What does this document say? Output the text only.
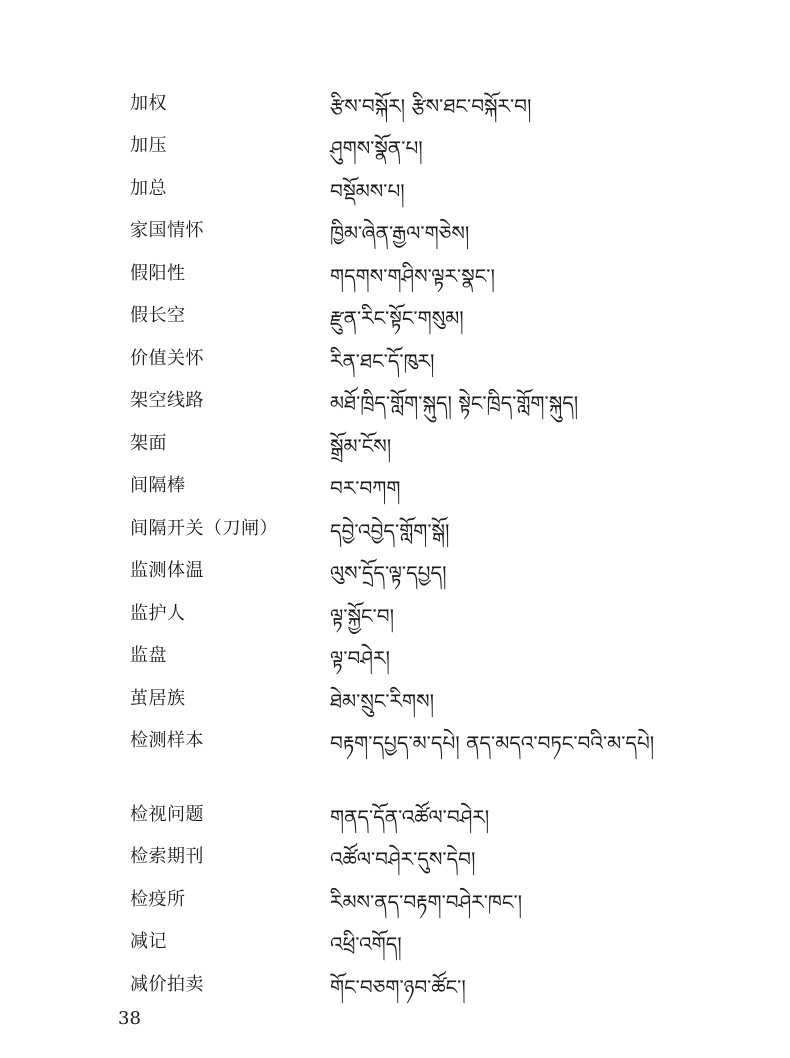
加权	རྩིས་བསྐོར། རྩིས་ཐང་བསྐོར་བ།
加压	ཤུགས་སྣོན་པ།
加总	བསྡོམས་པ།
家国情怀	ཁྱིམ་ཞེན་རྒྱལ་གཅེས།
假阳性	གདགས་གཤིས་ལྟར་སྣང་།
假长空	རྫུན་རིང་སྟོང་གསུམ།
价值关怀	རིན་ཐང་དོ་ཁུར།
架空线路	མཐོ་ཁྲིད་གློག་སྐུད། སྟེང་ཁྲིད་གློག་སྐུད།
架面	སྒྲོམ་ངོས།
间隔棒	བར་བཀག
间隔开关（刀闸）	དབྱེ་འབྱེད་གློག་སྒོ།
监测体温	ལུས་དྲོད་ལྟ་དཔྱད།
监护人	ལྟ་སྐྱོང་བ།
监盘	ལྟ་བཤེར།
茧居族	ཐེམ་སྲུང་རིགས།
检测样本	བརྟག་དཔྱད་མ་དཔེ། ནད་མདའ་བཏང་བའི་མ་དཔེ།
检视问题	གནད་དོན་འཚོལ་བཤེར།
检索期刊	འཚོལ་བཤེར་དུས་དེབ།
检疫所	རིམས་ནད་བརྟག་བཤེར་ཁང་།
减记	འཕྲི་འགོད།
减价拍卖	གོང་བཅག་ཉབ་ཚོང་།
38
